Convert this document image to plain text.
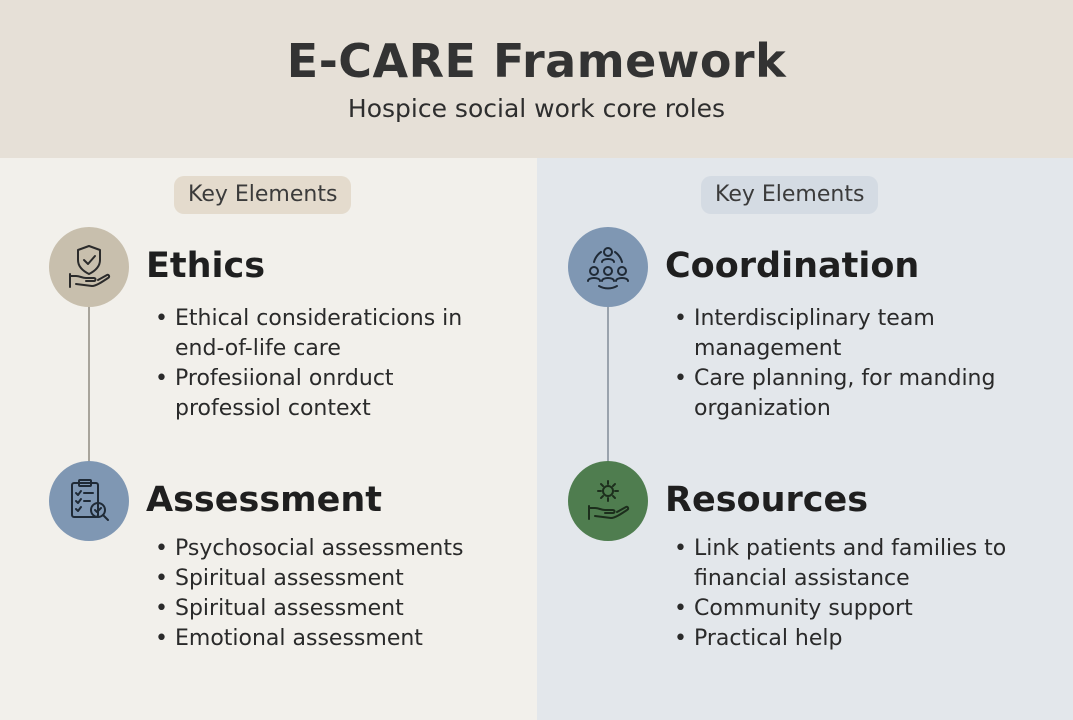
E-CARE Framework
Hospice social work core roles
Key Elements
Ethics
• Ethical consideraticions in end-of-life care
• Profesiional onrduct professiol context
Assessment
• Psychosocial assessments
• Spiritual assessment
• Spiritual assessment
• Emotional assessment
Key Elements
Coordination
• Interdisciplinary team management
• Care planning, for manding organization
Resources
• Link patients and families to financial assistance
• Community support
• Practical help
